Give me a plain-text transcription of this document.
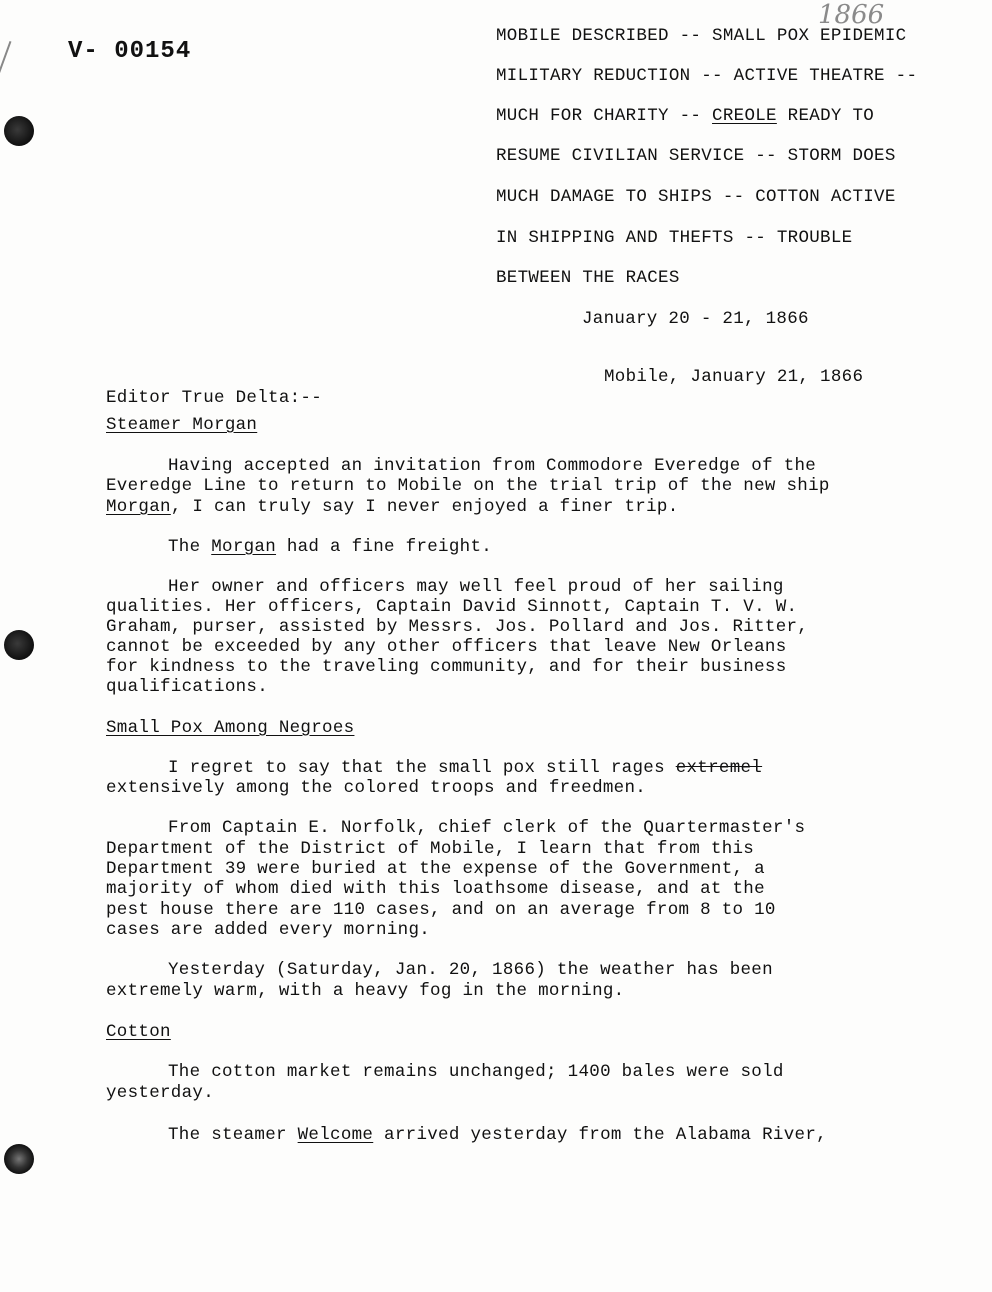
V- 00154
1866
MOBILE DESCRIBED -- SMALL POX EPIDEMIC
MILITARY REDUCTION -- ACTIVE THEATRE --
MUCH FOR CHARITY -- CREOLE READY TO
RESUME CIVILIAN SERVICE -- STORM DOES
MUCH DAMAGE TO SHIPS -- COTTON ACTIVE
IN SHIPPING AND THEFTS -- TROUBLE
BETWEEN THE RACES
January 20 - 21, 1866
Mobile, January 21, 1866
Editor True Delta:--
Steamer Morgan
Having accepted an invitation from Commodore Everedge of the
Everedge Line to return to Mobile on the trial trip of the new ship
Morgan, I can truly say I never enjoyed a finer trip.
The Morgan had a fine freight.
Her owner and officers may well feel proud of her sailing
qualities. Her officers, Captain David Sinnott, Captain T. V. W.
Graham, purser, assisted by Messrs. Jos. Pollard and Jos. Ritter,
cannot be exceeded by any other officers that leave New Orleans
for kindness to the traveling community, and for their business
qualifications.
Small Pox Among Negroes
I regret to say that the small pox still rages extremel
extensively among the colored troops and freedmen.
From Captain E. Norfolk, chief clerk of the Quartermaster's
Department of the District of Mobile, I learn that from this
Department 39 were buried at the expense of the Government, a
majority of whom died with this loathsome disease, and at the
pest house there are 110 cases, and on an average from 8 to 10
cases are added every morning.
Yesterday (Saturday, Jan. 20, 1866) the weather has been
extremely warm, with a heavy fog in the morning.
Cotton
The cotton market remains unchanged; 1400 bales were sold
yesterday.
The steamer Welcome arrived yesterday from the Alabama River,
